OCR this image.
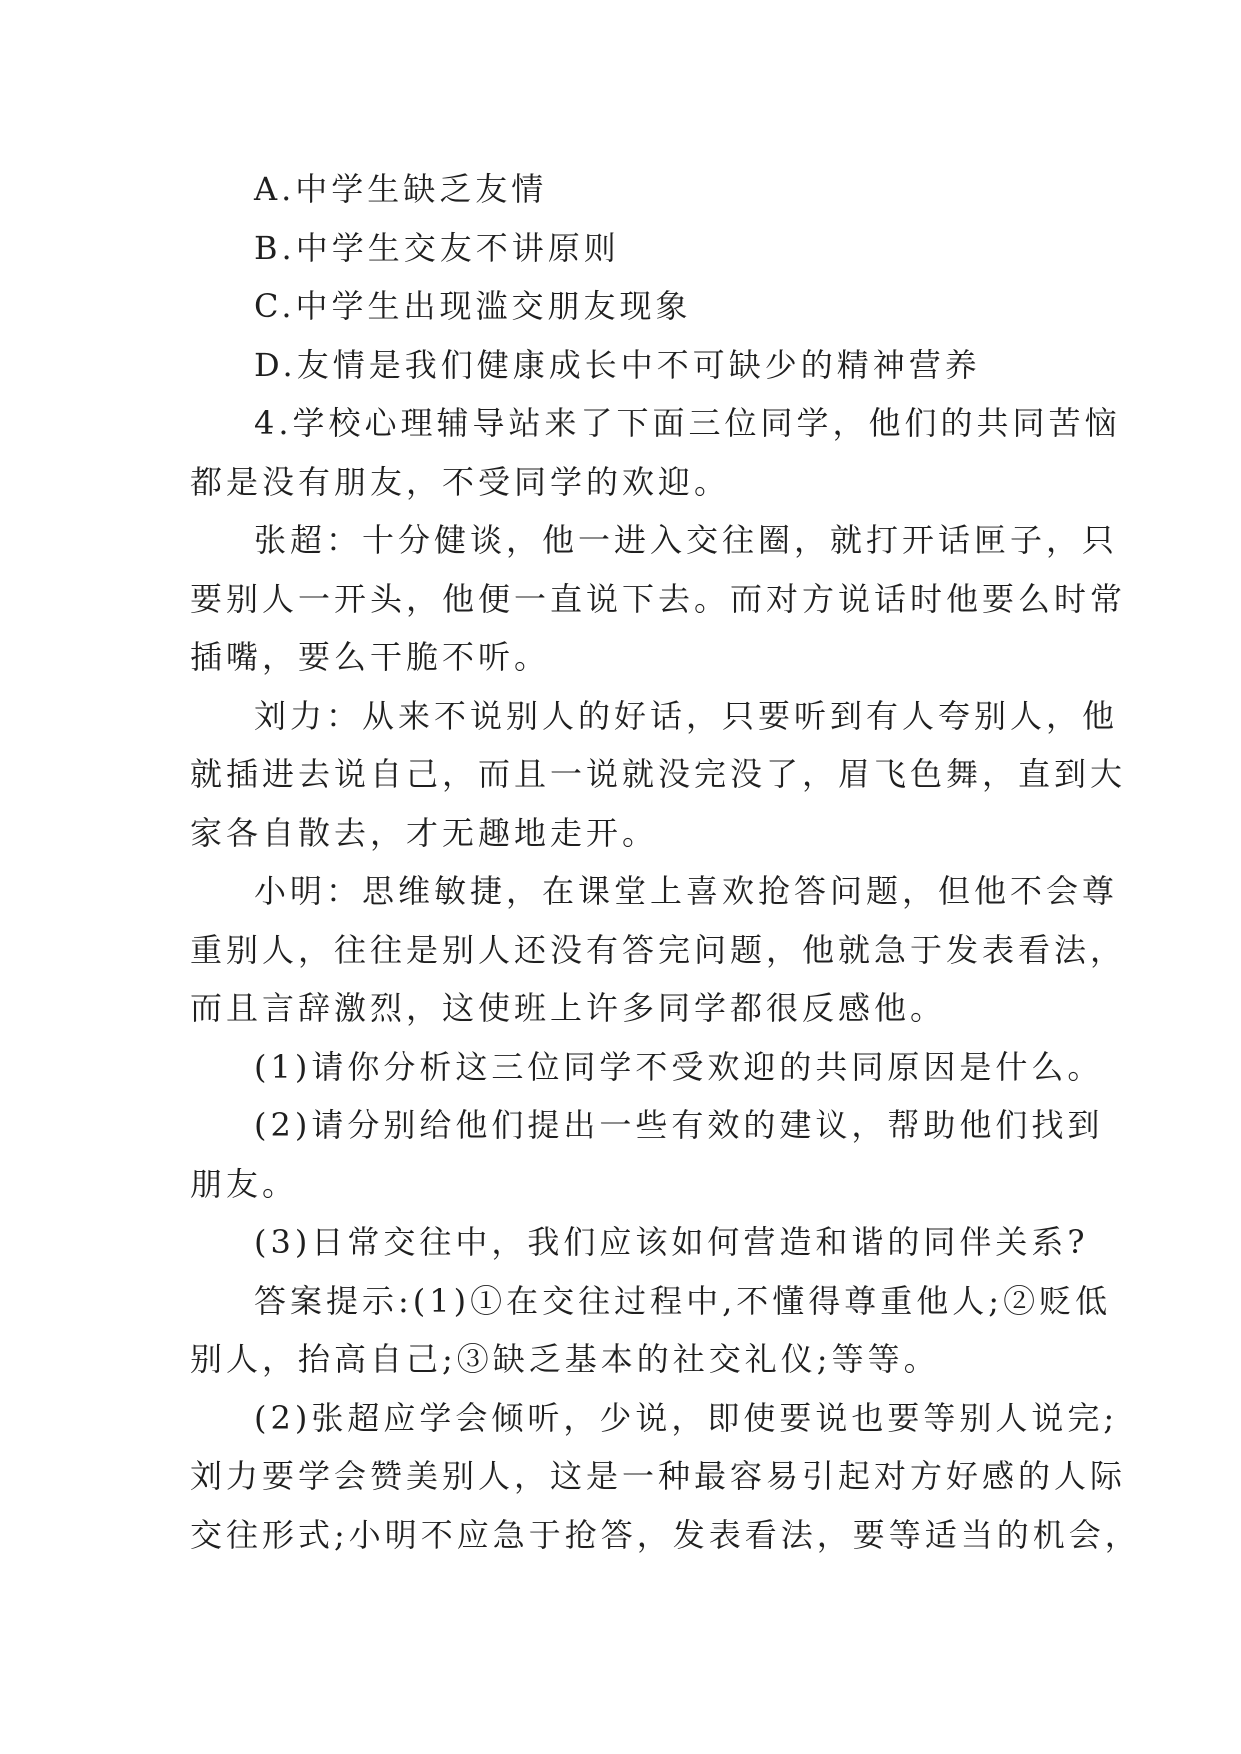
A.中学生缺乏友情
B.中学生交友不讲原则
C.中学生出现滥交朋友现象
D.友情是我们健康成长中不可缺少的精神营养
4.学校心理辅导站来了下面三位同学，他们的共同苦恼
都是没有朋友，不受同学的欢迎。
张超：十分健谈，他一进入交往圈，就打开话匣子，只
要别人一开头，他便一直说下去。而对方说话时他要么时常
插嘴，要么干脆不听。
刘力：从来不说别人的好话，只要听到有人夸别人，他
就插进去说自己，而且一说就没完没了，眉飞色舞，直到大
家各自散去，才无趣地走开。
小明：思维敏捷，在课堂上喜欢抢答问题，但他不会尊
重别人，往往是别人还没有答完问题，他就急于发表看法，
而且言辞激烈，这使班上许多同学都很反感他。
(1)请你分析这三位同学不受欢迎的共同原因是什么。
(2)请分别给他们提出一些有效的建议，帮助他们找到
朋友。
(3)日常交往中，我们应该如何营造和谐的同伴关系?
答案提示:(1)①在交往过程中,不懂得尊重他人;②贬低
别人，抬高自己;③缺乏基本的社交礼仪;等等。
(2)张超应学会倾听，少说，即使要说也要等别人说完;
刘力要学会赞美别人，这是一种最容易引起对方好感的人际
交往形式;小明不应急于抢答，发表看法，要等适当的机会，
